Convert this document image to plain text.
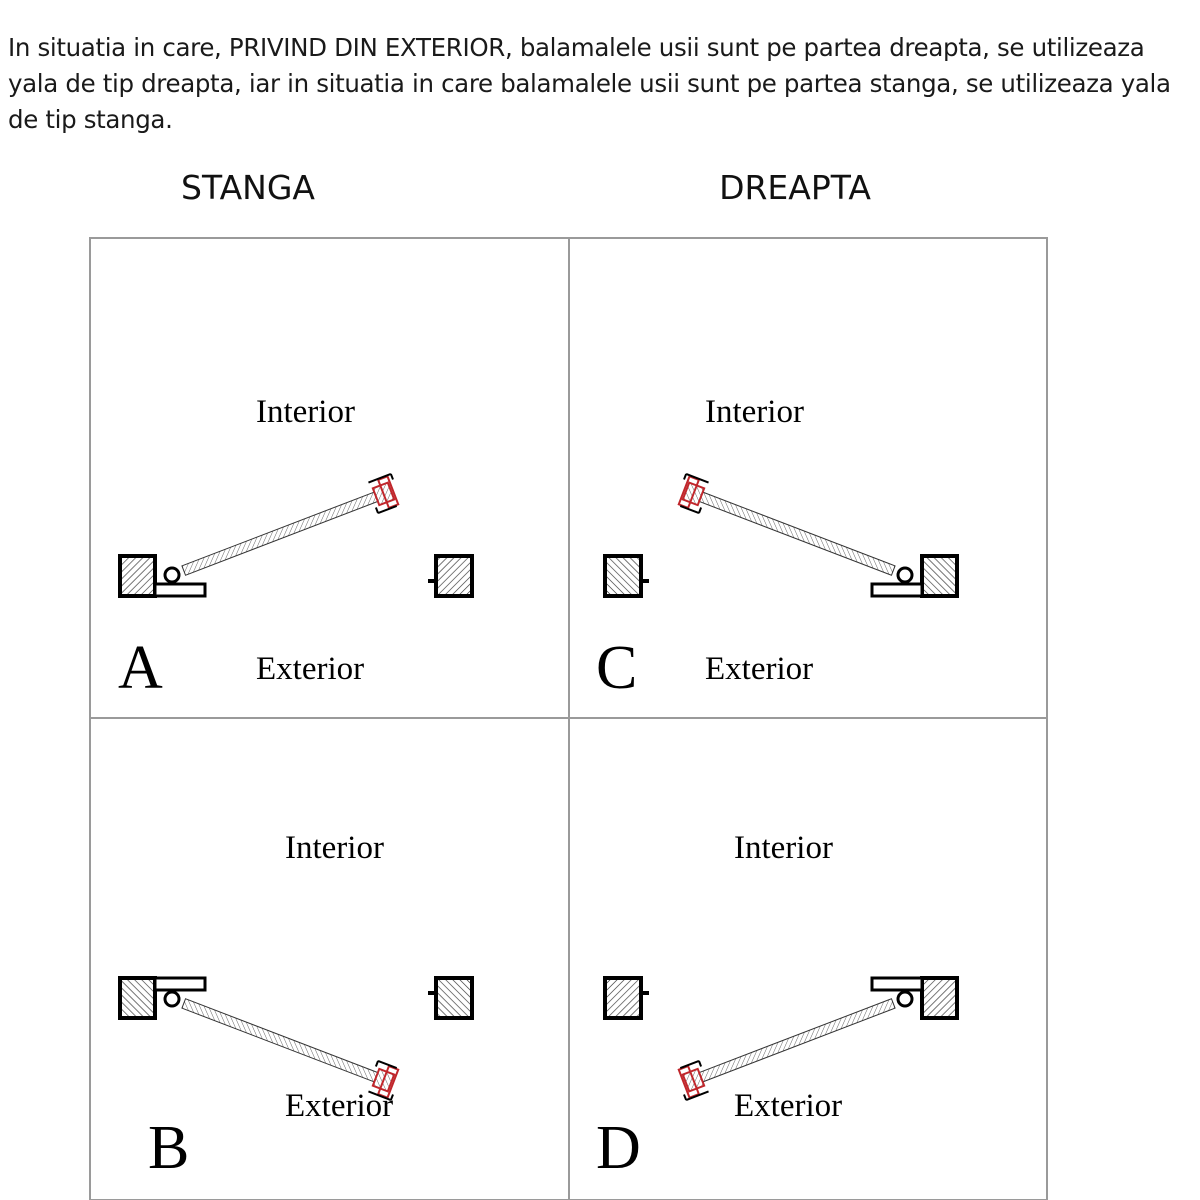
In situatia in care, PRIVIND DIN EXTERIOR, balamalele usii sunt pe partea dreapta, se utilizeaza yala de tip dreapta, iar in situatia in care balamalele usii sunt pe partea stanga, se utilizeaza yala de tip stanga.

STANGA	DREAPTA
Interior
Exterior
A
Interior
Exterior
C
Interior
Exterior
B
Interior
Exterior
D
